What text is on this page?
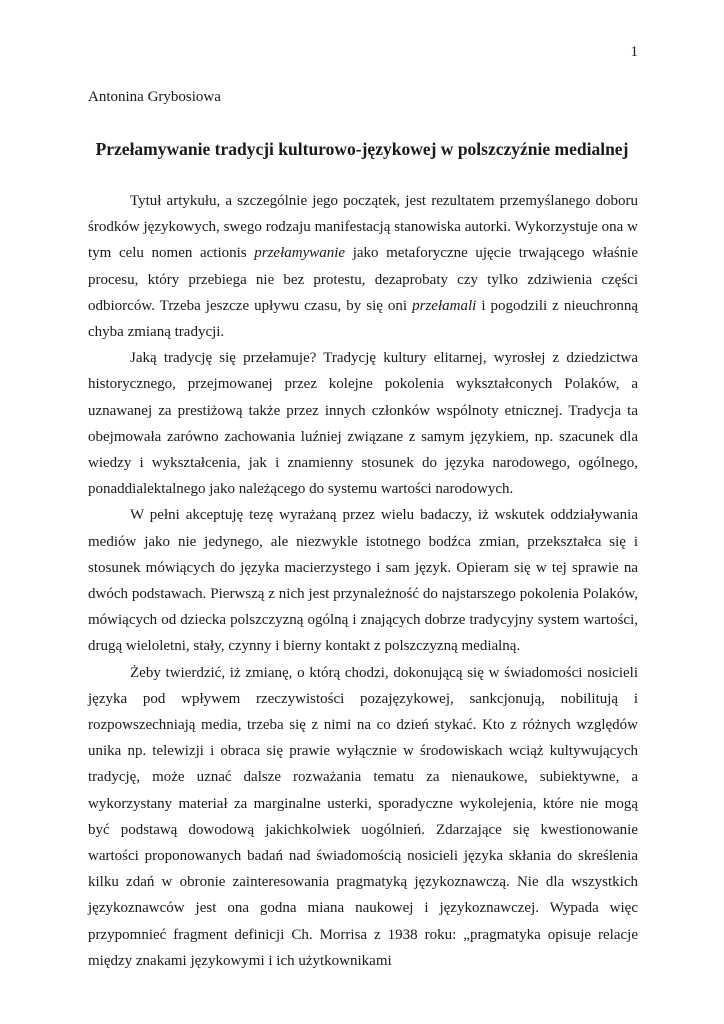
1
Antonina Grybosiowa
Przełamywanie tradycji kulturowo-językowej w polszczyźnie medialnej

Tytuł artykułu, a szczególnie jego początek, jest rezultatem przemyślanego doboru środków językowych, swego rodzaju manifestacją stanowiska autorki. Wykorzystuje ona w tym celu nomen actionis przełamywanie jako metaforyczne ujęcie trwającego właśnie procesu, który przebiega nie bez protestu, dezaprobaty czy tylko zdziwienia części odbiorców. Trzeba jeszcze upływu czasu, by się oni przełamali i pogodzili z nieuchronną chyba zmianą tradycji.

Jaką tradycję się przełamuje? Tradycję kultury elitarnej, wyrosłej z dziedzictwa historycznego, przejmowanej przez kolejne pokolenia wykształconych Polaków, a uznawanej za prestiżową także przez innych członków wspólnoty etnicznej. Tradycja ta obejmowała zarówno zachowania luźniej związane z samym językiem, np. szacunek dla wiedzy i wykształcenia, jak i znamienny stosunek do języka narodowego, ogólnego, ponaddialektalnego jako należącego do systemu wartości narodowych.

W pełni akceptuję tezę wyrażaną przez wielu badaczy, iż wskutek oddziaływania mediów jako nie jedynego, ale niezwykle istotnego bodźca zmian, przekształca się i stosunek mówiących do języka macierzystego i sam język. Opieram się w tej sprawie na dwóch podstawach. Pierwszą z nich jest przynależność do najstarszego pokolenia Polaków, mówiących od dziecka polszczyzną ogólną i znających dobrze tradycyjny system wartości, drugą wieloletni, stały, czynny i bierny kontakt z polszczyzną medialną.

Żeby twierdzić, iż zmianę, o którą chodzi, dokonującą się w świadomości nosicieli języka pod wpływem rzeczywistości pozajęzykowej, sankcjonują, nobilitują i rozpowszechniają media, trzeba się z nimi na co dzień stykać. Kto z różnych względów unika np. telewizji i obraca się prawie wyłącznie w środowiskach wciąż kultywujących tradycję, może uznać dalsze rozważania tematu za nienaukowe, subiektywne, a wykorzystany materiał za marginalne usterki, sporadyczne wykolejenia, które nie mogą być podstawą dowodową jakichkolwiek uogólnień. Zdarzające się kwestionowanie wartości proponowanych badań nad świadomością nosicieli języka skłania do skreślenia kilku zdań w obronie zainteresowania pragmatyką językoznawczą. Nie dla wszystkich językoznawców jest ona godna miana naukowej i językoznawczej. Wypada więc przypomnieć fragment definicji Ch. Morrisa z 1938 roku: „pragmatyka opisuje relacje między znakami językowymi i ich użytkownikami
